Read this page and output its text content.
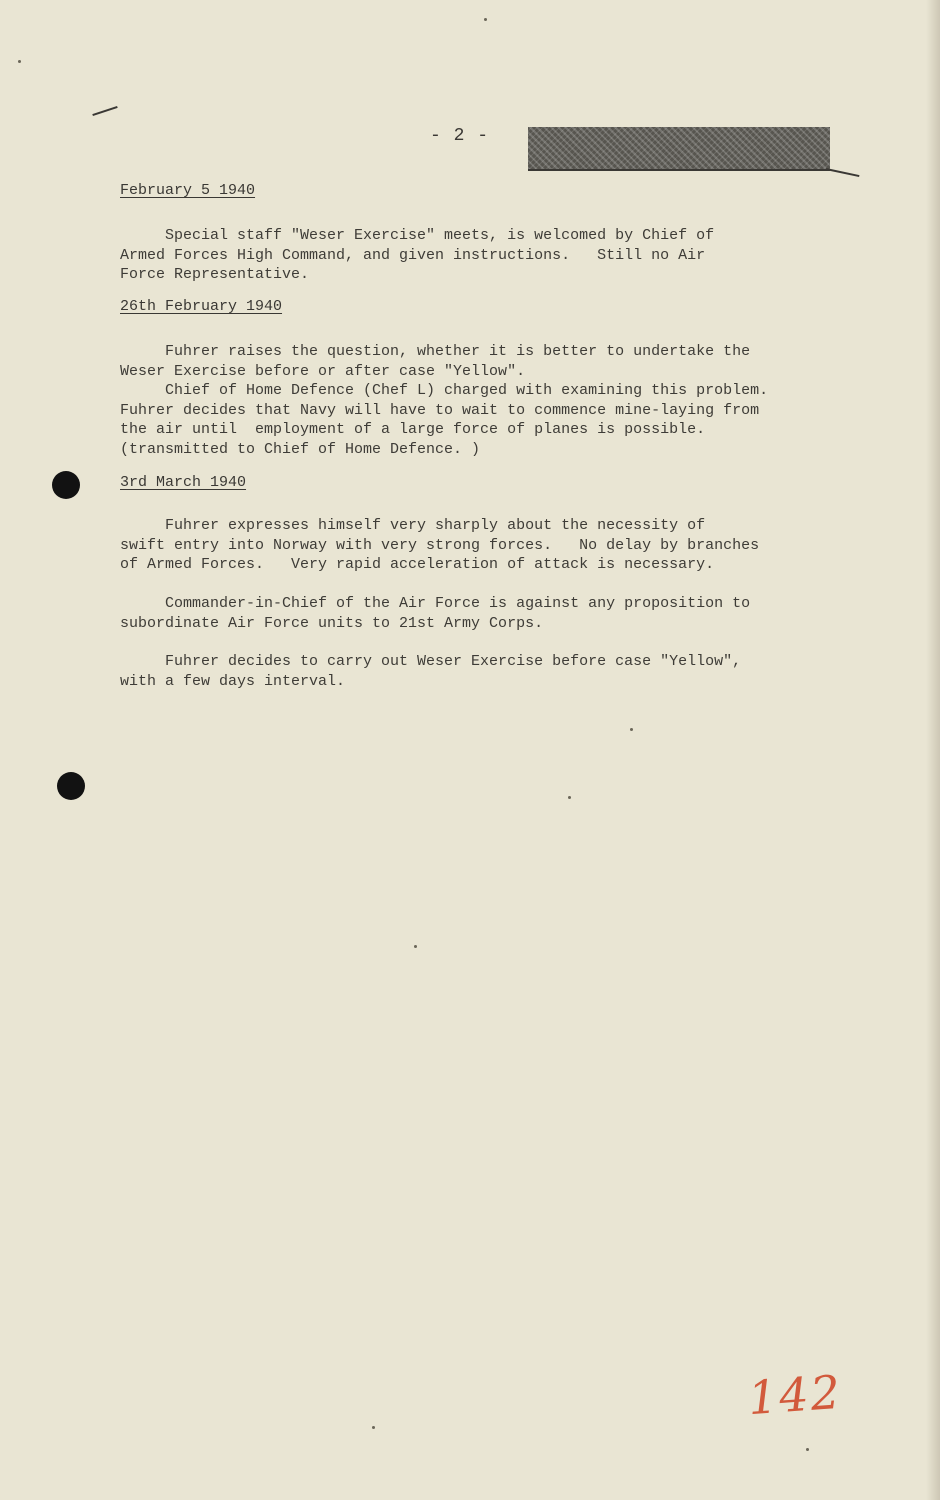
- 2 -
February 5 1940
Special staff "Weser Exercise" meets, is welcomed by Chief of
Armed Forces High Command, and given instructions.   Still no Air
Force Representative.
26th February 1940
Fuhrer raises the question, whether it is better to undertake the
Weser Exercise before or after case "Yellow".
Chief of Home Defence (Chef L) charged with examining this problem.
Fuhrer decides that Navy will have to wait to commence mine-laying from
the air until  employment of a large force of planes is possible.
(transmitted to Chief of Home Defence. )
3rd March 1940
Fuhrer expresses himself very sharply about the necessity of
swift entry into Norway with very strong forces.   No delay by branches
of Armed Forces.   Very rapid acceleration of attack is necessary.
Commander-in-Chief of the Air Force is against any proposition to
subordinate Air Force units to 21st Army Corps.
Fuhrer decides to carry out Weser Exercise before case "Yellow",
with a few days interval.
142
